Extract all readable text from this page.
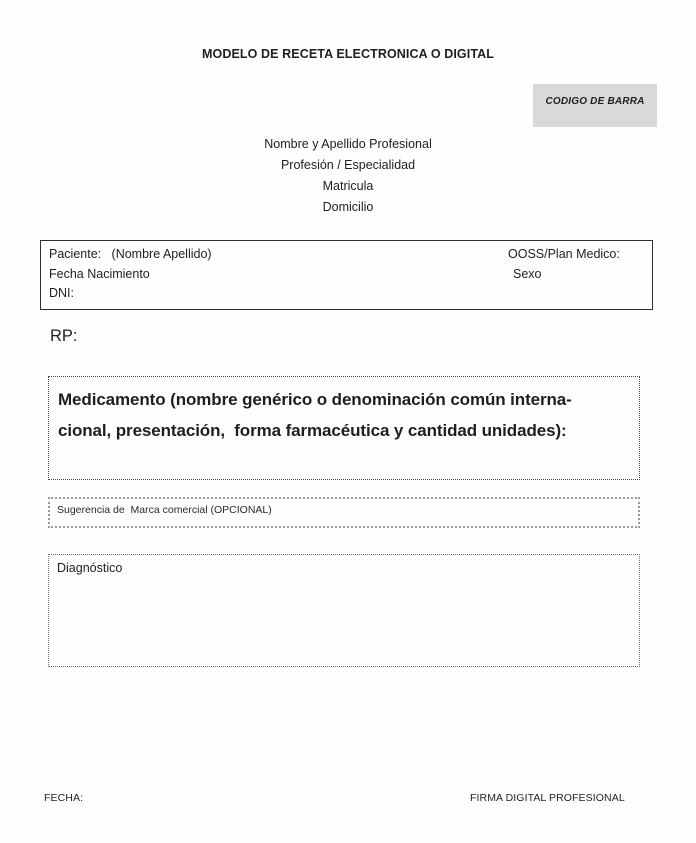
MODELO DE RECETA ELECTRONICA O DIGITAL
CODIGO DE BARRA
Nombre y Apellido Profesional
Profesión / Especialidad
Matricula
Domicilio
Paciente:   (Nombre Apellido)
Fecha Nacimiento
DNI:
OOSS/Plan Medico:
Sexo
RP:
Medicamento (nombre genérico o denominación común interna-
cional, presentación,  forma farmacéutica y cantidad unidades):
Sugerencia de  Marca comercial (OPCIONAL)
Diagnóstico
FECHA:	FIRMA DIGITAL PROFESIONAL
